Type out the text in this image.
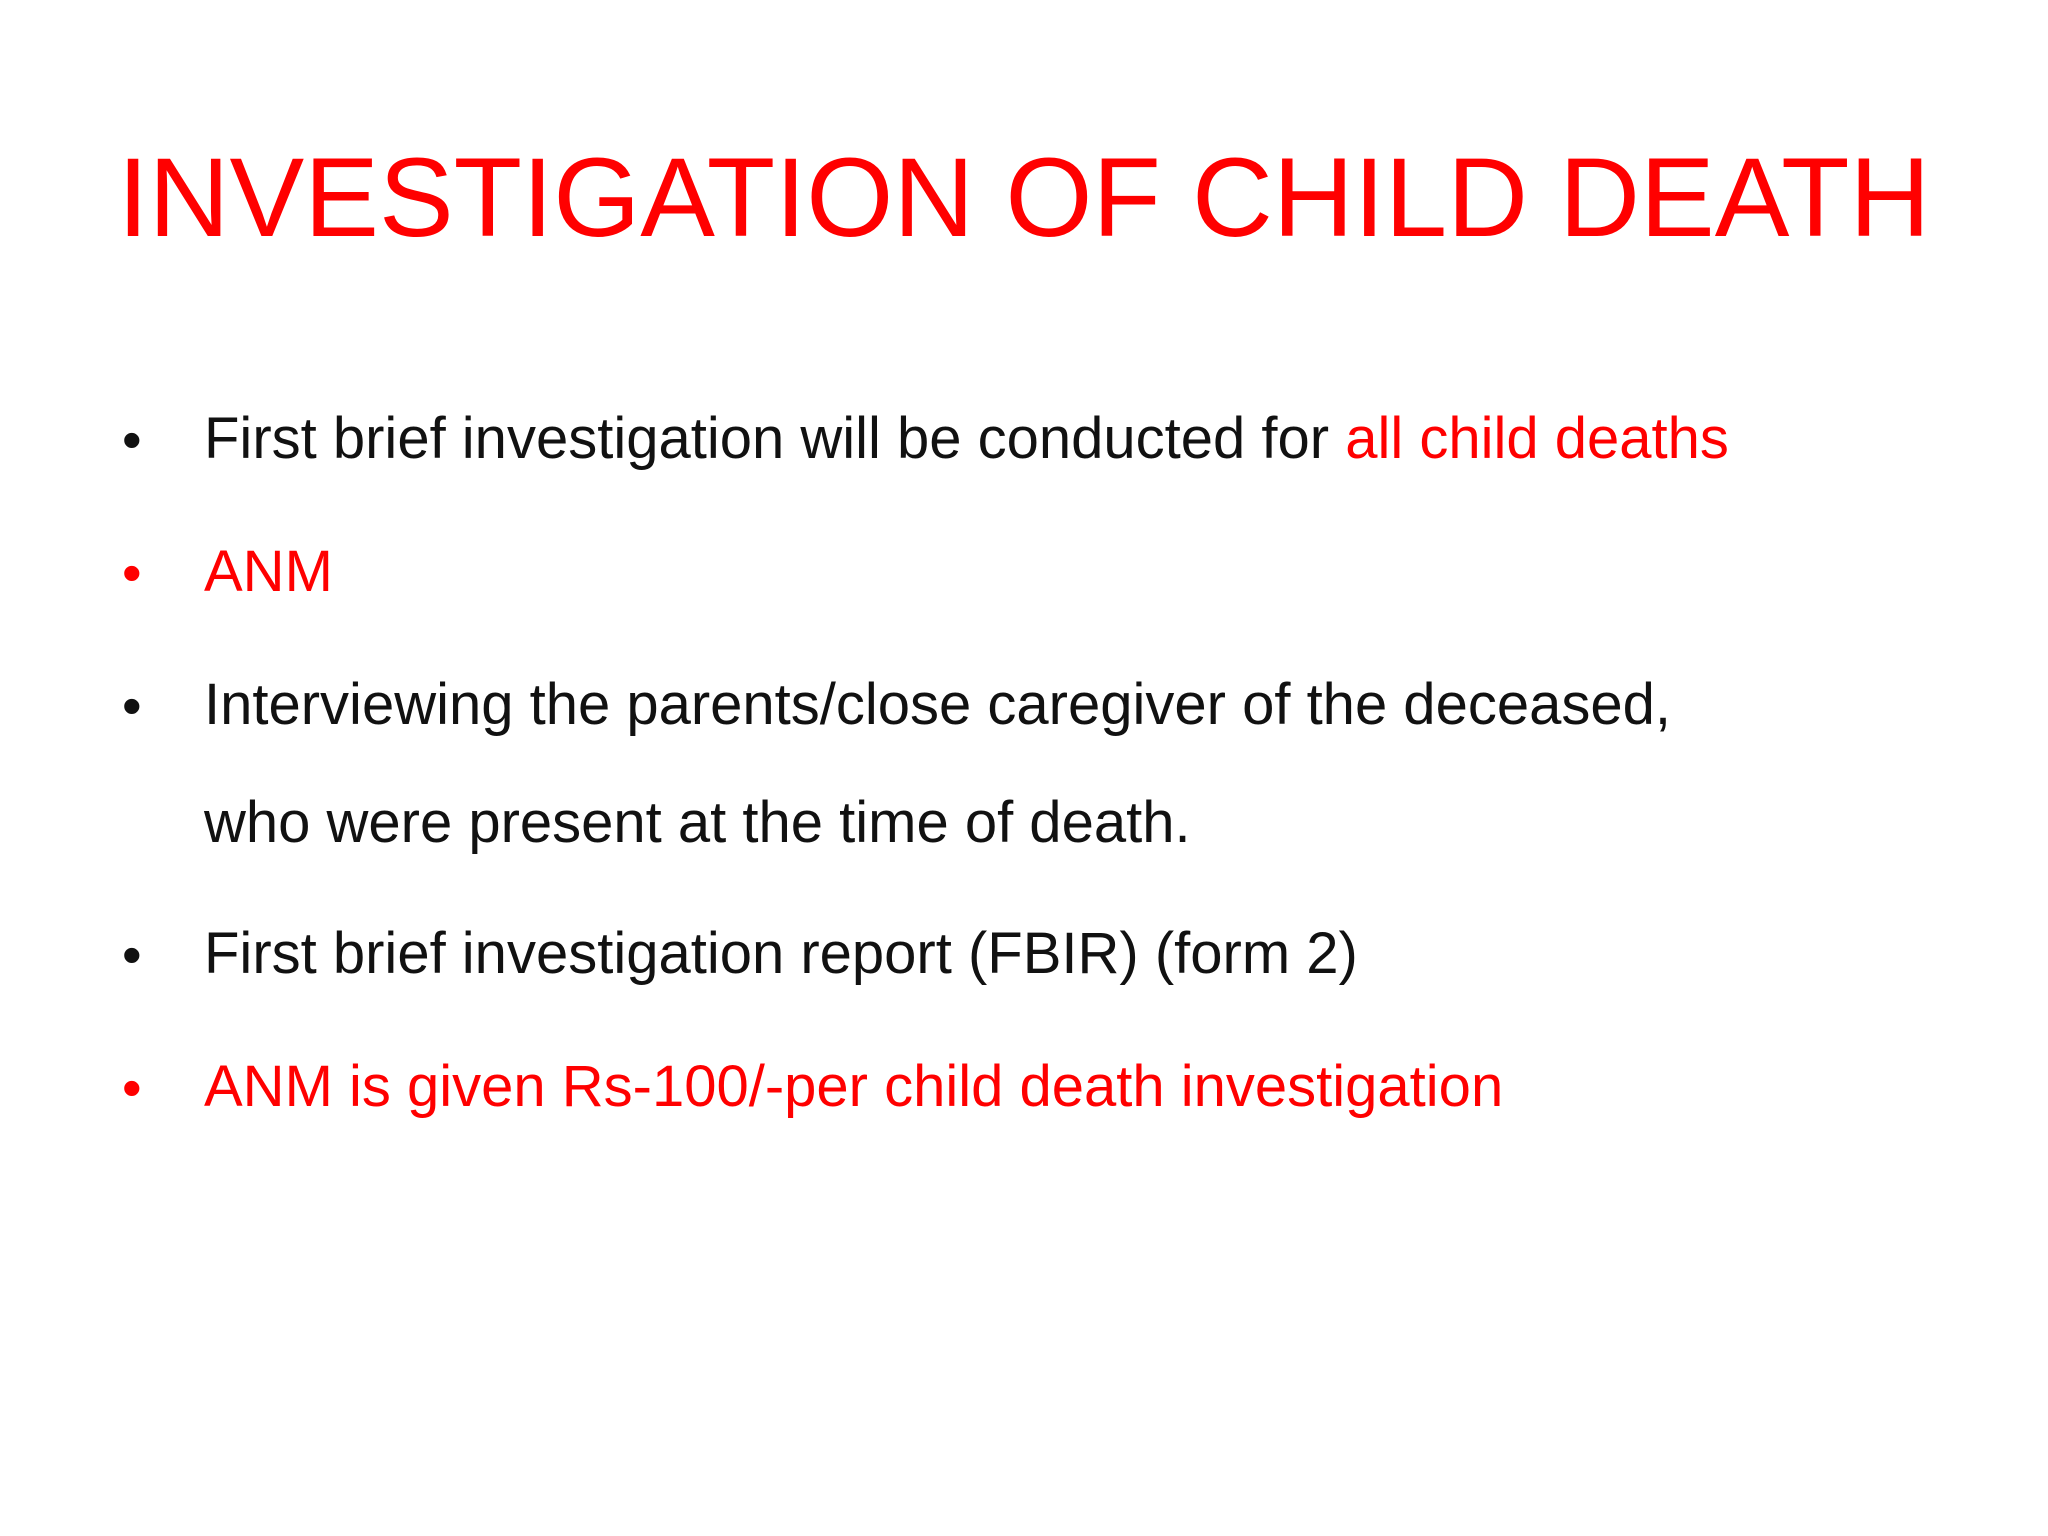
INVESTIGATION OF CHILD DEATH
•	First brief investigation will be conducted for all child deaths
•	ANM
•	Interviewing the parents/close caregiver of the deceased,
who were present at the time of death.
•	First brief investigation report (FBIR) (form 2)
•	ANM is given Rs-100/-per child death investigation
